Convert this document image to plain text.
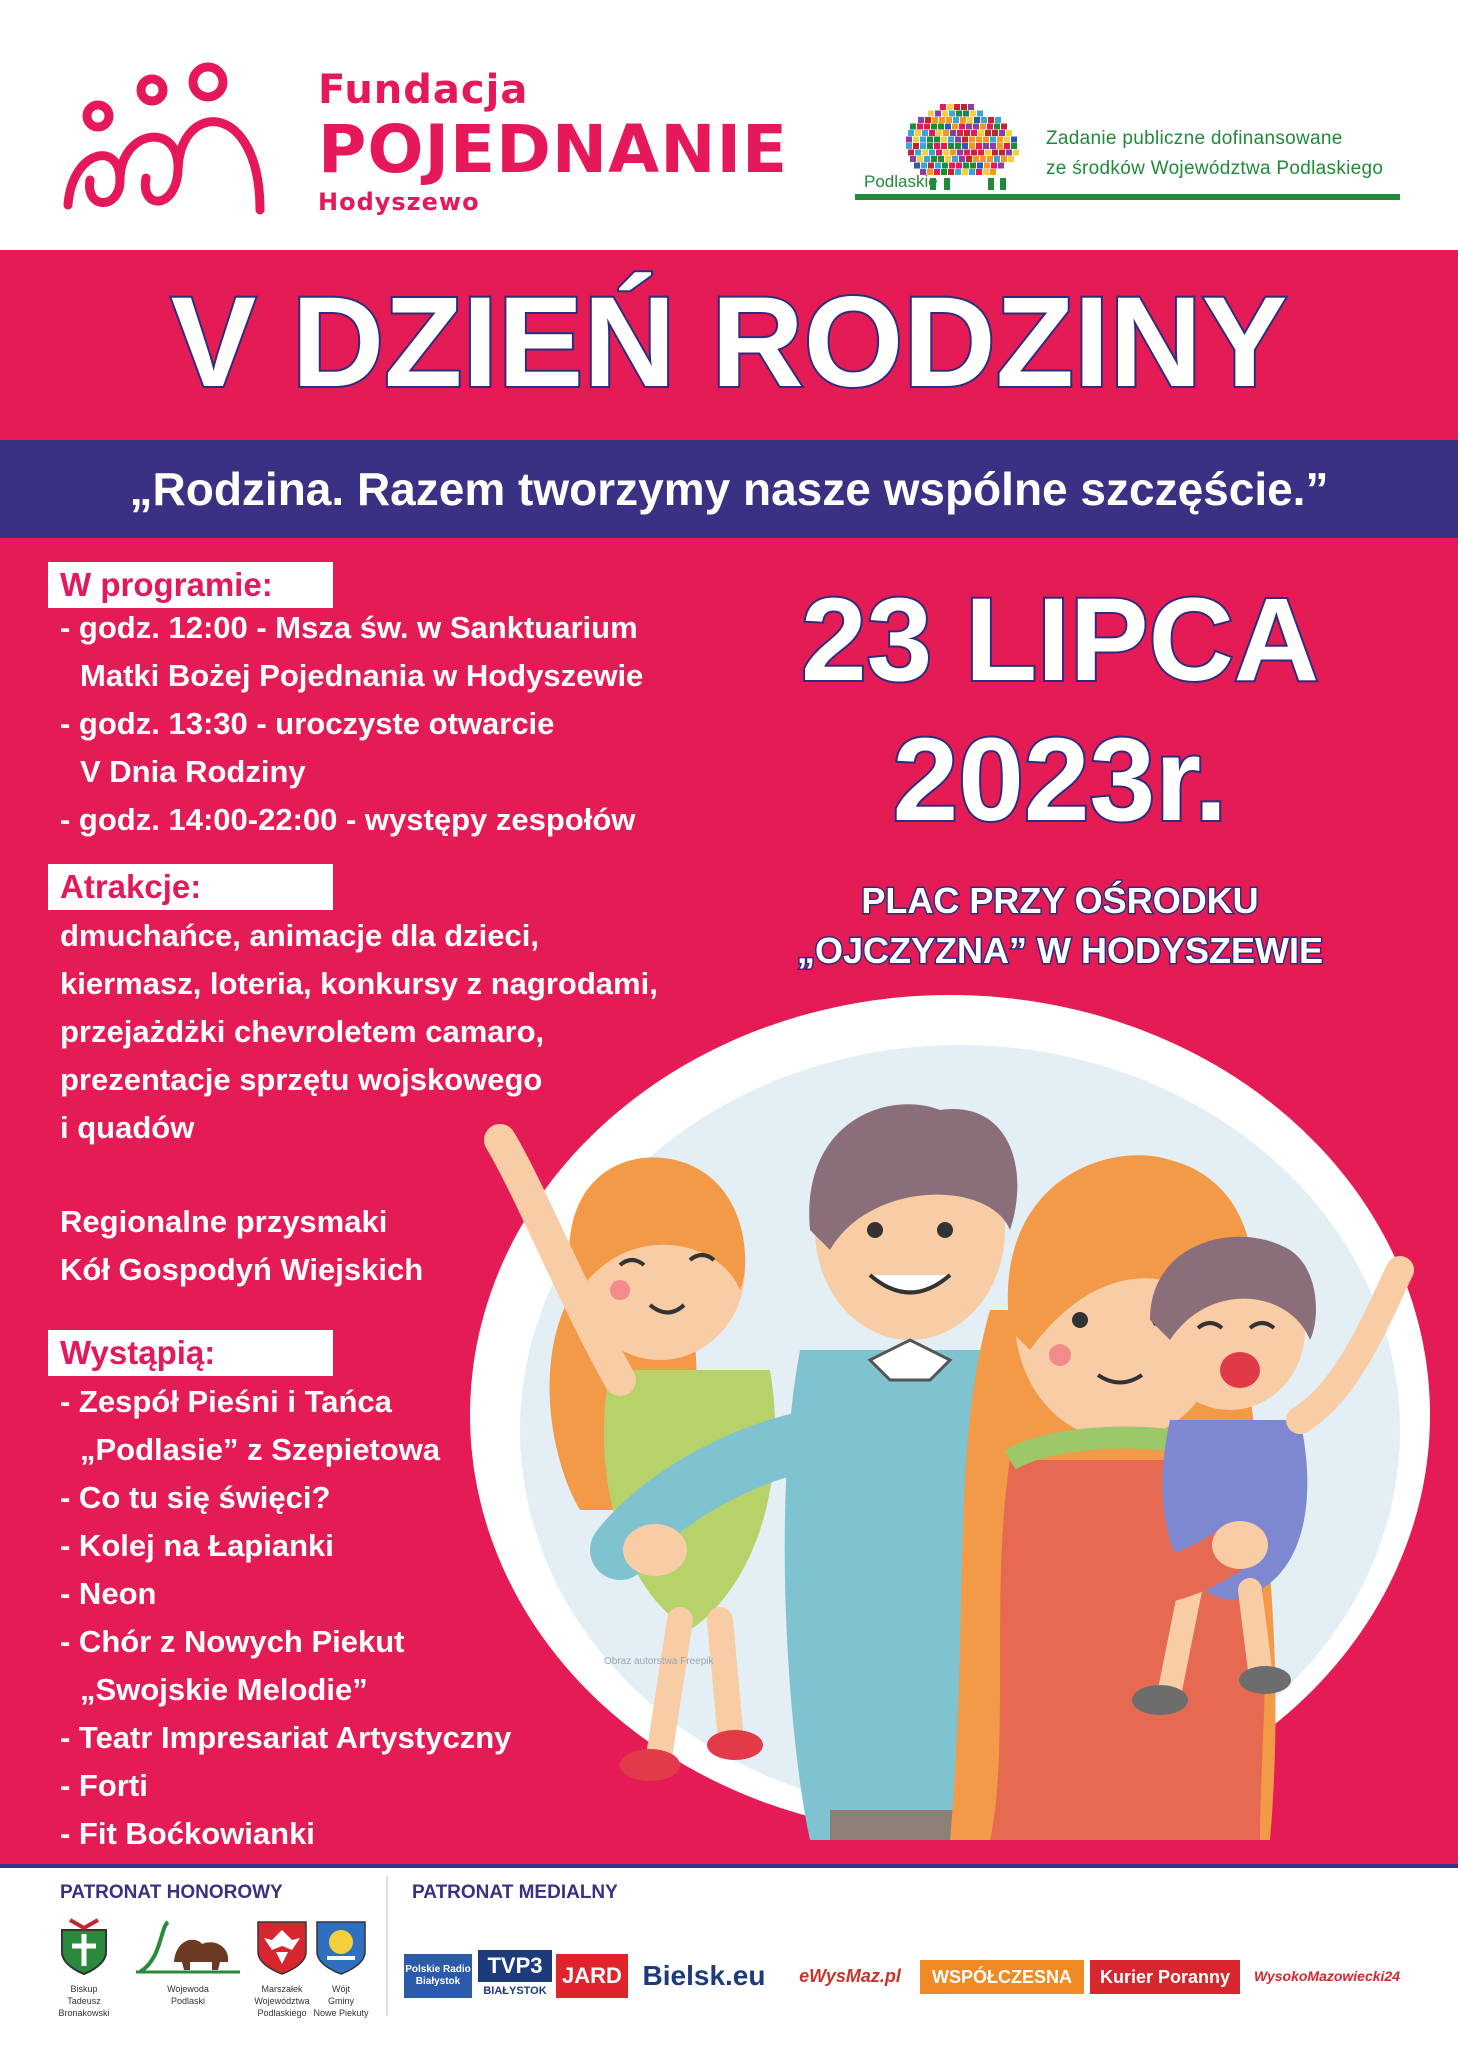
Fundacja
POJEDNANIE
Hodyszewo
Podlaskie
Zadanie publiczne dofinansowane
ze środków Województwa Podlaskiego
V DZIEŃ RODZINY
„Rodzina. Razem tworzymy nasze wspólne szczęście.”
W programie:
- godz. 12:00 - Msza św. w Sanktuarium
Matki Bożej Pojednania w Hodyszewie
- godz. 13:30 - uroczyste otwarcie
V Dnia Rodziny
- godz. 14:00-22:00 - występy zespołów
Atrakcje:
dmuchańce, animacje dla dzieci,
kiermasz, loteria, konkursy z nagrodami,
przejażdżki chevroletem camaro,
prezentacje sprzętu wojskowego
i quadów
Regionalne przysmaki
Kół Gospodyń Wiejskich
Wystąpią:
- Zespół Pieśni i Tańca
„Podlasie” z Szepietowa
- Co tu się święci?
- Kolej na Łapianki
- Neon
- Chór z Nowych Piekut
„Swojskie Melodie”
- Teatr Impresariat Artystyczny
- Forti
- Fit Boćkowianki
23 LIPCA
2023r.
PLAC PRZY OŚRODKU
„OJCZYZNA” W HODYSZEWIE
Obraz autorstwa Freepik
PATRONAT HONOROWY	PATRONAT MEDIALNY
Biskup
Tadeusz
Bronakowski
Wojewoda
Podlaski
Marszałek
Województwa
Podlaskiego
Wójt
Gminy
Nowe Piekuty
Polskie Radio Białystok
TVP3
BIAŁYSTOK
JARD Bielsk.eu	eWysMaz.pl	WSPÓŁCZESNA	Kurier Poranny	WysokoMazowiecki24
